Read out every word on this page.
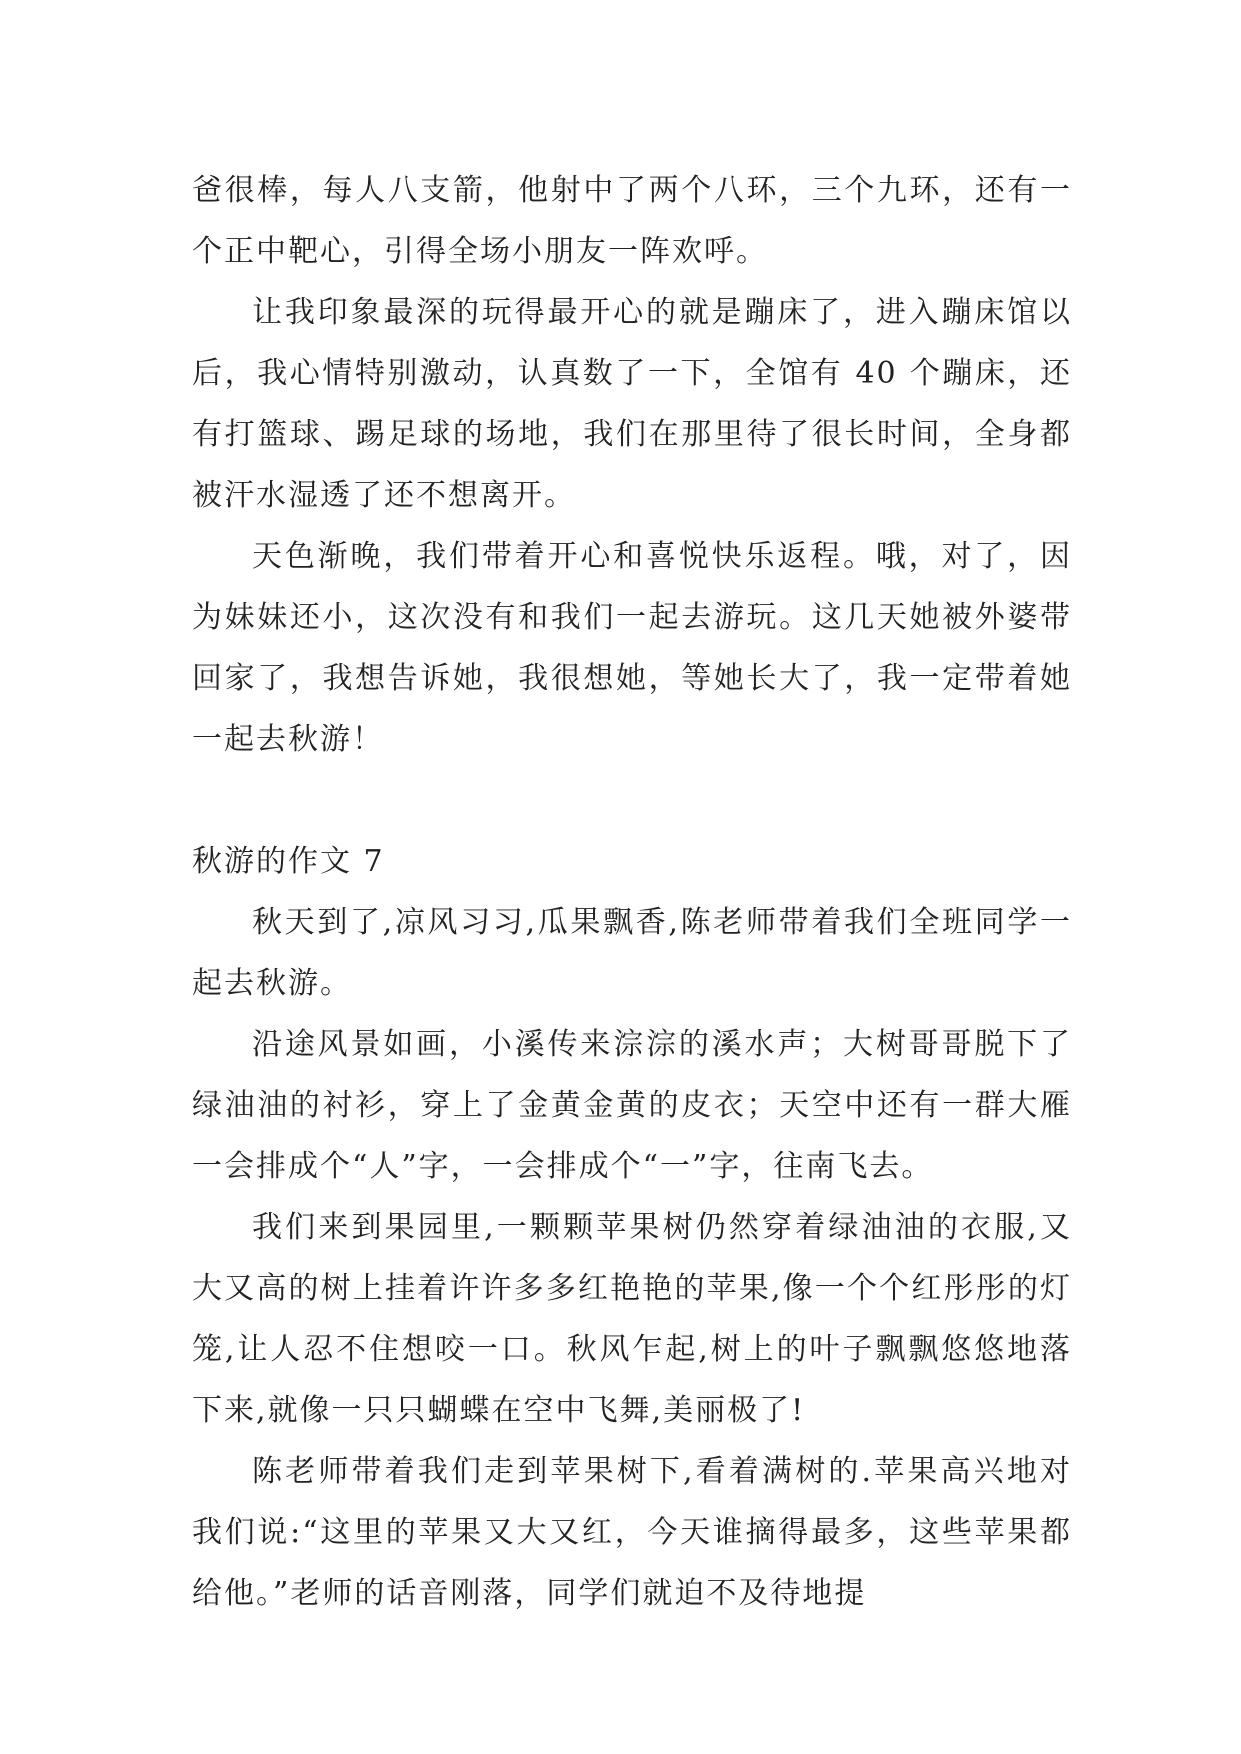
爸很棒，每人八支箭，他射中了两个八环，三个九环，还有一个正中靶心，引得全场小朋友一阵欢呼。

让我印象最深的玩得最开心的就是蹦床了，进入蹦床馆以后，我心情特别激动，认真数了一下，全馆有 40 个蹦床，还有打篮球、踢足球的场地，我们在那里待了很长时间，全身都被汗水湿透了还不想离开。

天色渐晚，我们带着开心和喜悦快乐返程。哦，对了，因为妹妹还小，这次没有和我们一起去游玩。这几天她被外婆带回家了，我想告诉她，我很想她，等她长大了，我一定带着她一起去秋游！

秋游的作文 7

秋天到了,凉风习习,瓜果飘香,陈老师带着我们全班同学一起去秋游。

沿途风景如画，小溪传来淙淙的溪水声；大树哥哥脱下了绿油油的衬衫，穿上了金黄金黄的皮衣；天空中还有一群大雁一会排成个“人”字，一会排成个“一”字，往南飞去。

我们来到果园里,一颗颗苹果树仍然穿着绿油油的衣服,又大又高的树上挂着许许多多红艳艳的苹果,像一个个红彤彤的灯笼,让人忍不住想咬一口。秋风乍起,树上的叶子飘飘悠悠地落下来,就像一只只蝴蝶在空中飞舞,美丽极了!

陈老师带着我们走到苹果树下,看着满树的.苹果高兴地对我们说:“这里的苹果又大又红，今天谁摘得最多，这些苹果都给他。”老师的话音刚落，同学们就迫不及待地提
